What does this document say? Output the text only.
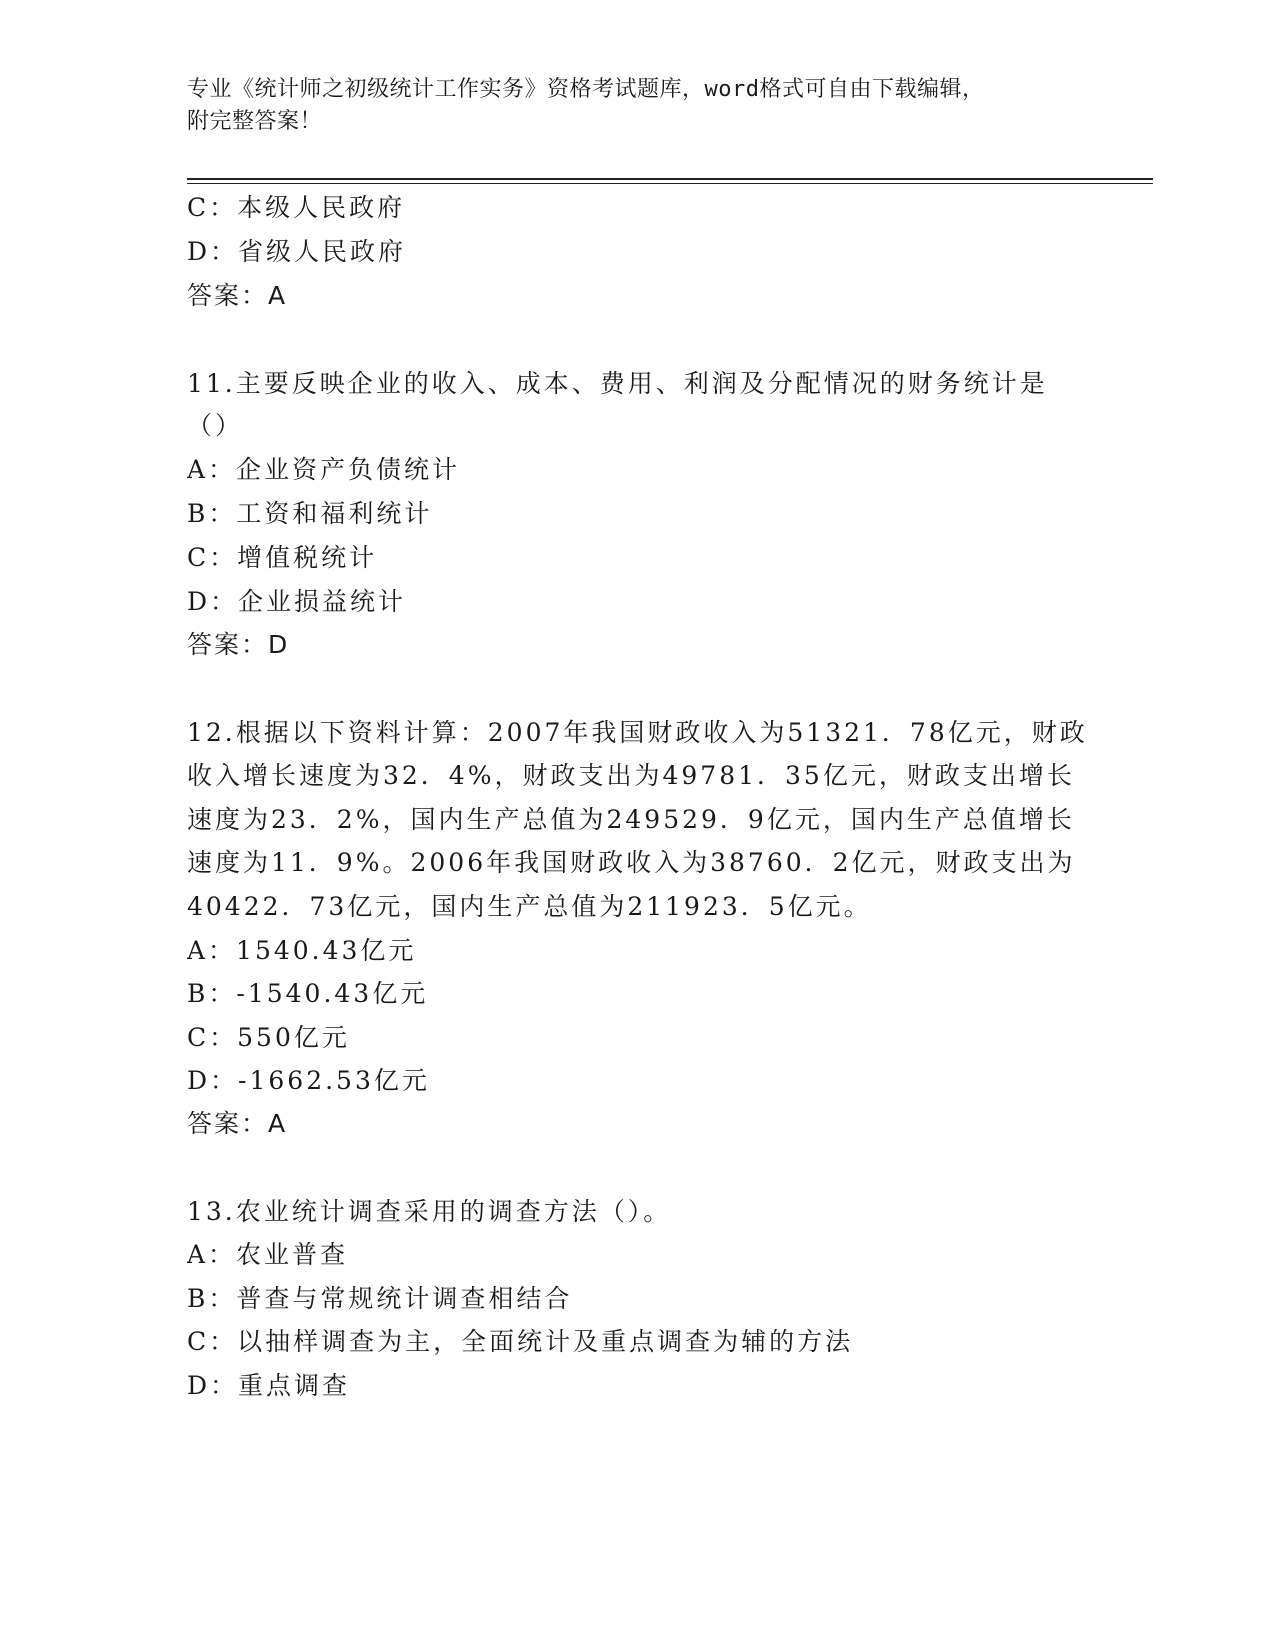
专业《统计师之初级统计工作实务》资格考试题库，word格式可自由下载编辑，
附完整答案！
C：本级人民政府
D：省级人民政府
答案：A
11.主要反映企业的收入、成本、费用、利润及分配情况的财务统计是
（）
A：企业资产负债统计
B：工资和福利统计
C：增值税统计
D：企业损益统计
答案：D
12.根据以下资料计算：2007年我国财政收入为51321．78亿元，财政
收入增长速度为32．4%，财政支出为49781．35亿元，财政支出增长
速度为23．2%，国内生产总值为249529．9亿元，国内生产总值增长
速度为11．9%。2006年我国财政收入为38760．2亿元，财政支出为
40422．73亿元，国内生产总值为211923．5亿元。
A：1540.43亿元
B：-1540.43亿元
C：550亿元
D：-1662.53亿元
答案：A
13.农业统计调查采用的调查方法（）。
A：农业普查
B：普查与常规统计调查相结合
C：以抽样调查为主，全面统计及重点调查为辅的方法
D：重点调查
